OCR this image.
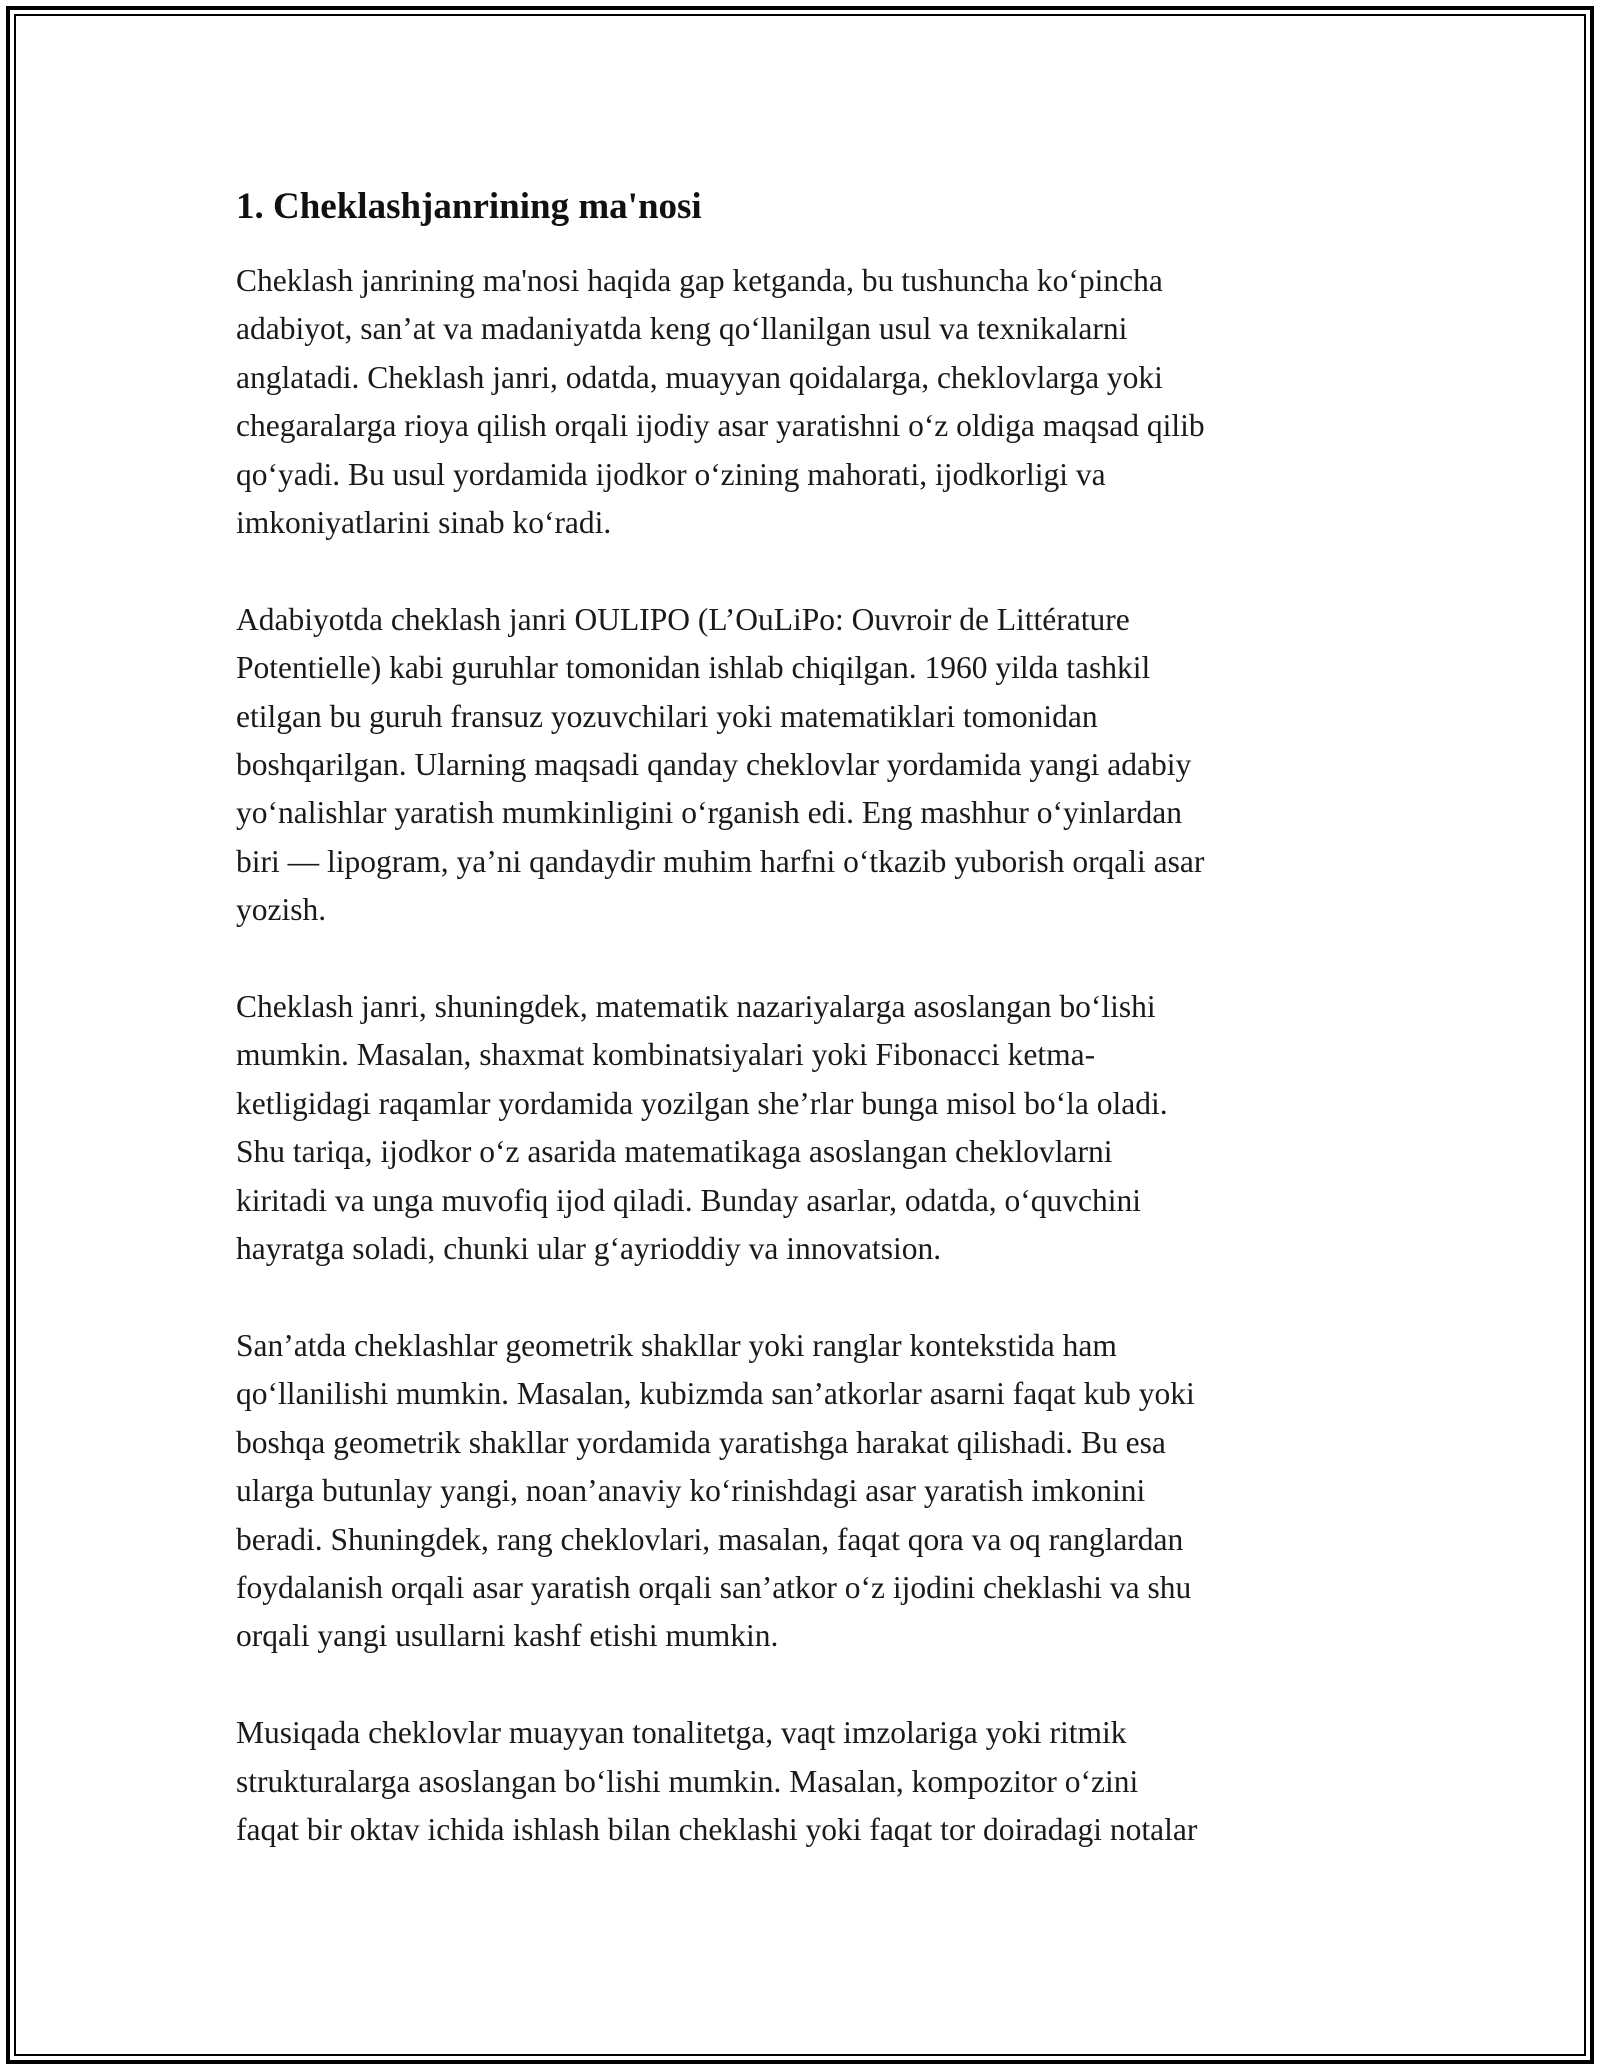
1. Cheklashjanrining ma'nosi

Cheklash janrining ma'nosi haqida gap ketganda, bu tushuncha koʻpincha
adabiyot, san’at va madaniyatda keng qoʻllanilgan usul va texnikalarni
anglatadi. Cheklash janri, odatda, muayyan qoidalarga, cheklovlarga yoki
chegaralarga rioya qilish orqali ijodiy asar yaratishni oʻz oldiga maqsad qilib
qoʻyadi. Bu usul yordamida ijodkor oʻzining mahorati, ijodkorligi va
imkoniyatlarini sinab koʻradi.

Adabiyotda cheklash janri OULIPO (L’OuLiPo: Ouvroir de Littérature
Potentielle) kabi guruhlar tomonidan ishlab chiqilgan. 1960 yilda tashkil
etilgan bu guruh fransuz yozuvchilari yoki matematiklari tomonidan
boshqarilgan. Ularning maqsadi qanday cheklovlar yordamida yangi adabiy
yoʻnalishlar yaratish mumkinligini oʻrganish edi. Eng mashhur oʻyinlardan
biri — lipogram, ya’ni qandaydir muhim harfni oʻtkazib yuborish orqali asar
yozish.

Cheklash janri, shuningdek, matematik nazariyalarga asoslangan boʻlishi
mumkin. Masalan, shaxmat kombinatsiyalari yoki Fibonacci ketma-
ketligidagi raqamlar yordamida yozilgan she’rlar bunga misol boʻla oladi.
Shu tariqa, ijodkor oʻz asarida matematikaga asoslangan cheklovlarni
kiritadi va unga muvofiq ijod qiladi. Bunday asarlar, odatda, oʻquvchini
hayratga soladi, chunki ular gʻayrioddiy va innovatsion.

San’atda cheklashlar geometrik shakllar yoki ranglar kontekstida ham
qoʻllanilishi mumkin. Masalan, kubizmda san’atkorlar asarni faqat kub yoki
boshqa geometrik shakllar yordamida yaratishga harakat qilishadi. Bu esa
ularga butunlay yangi, noan’anaviy koʻrinishdagi asar yaratish imkonini
beradi. Shuningdek, rang cheklovlari, masalan, faqat qora va oq ranglardan
foydalanish orqali asar yaratish orqali san’atkor oʻz ijodini cheklashi va shu
orqali yangi usullarni kashf etishi mumkin.

Musiqada cheklovlar muayyan tonalitetga, vaqt imzolariga yoki ritmik
strukturalarga asoslangan boʻlishi mumkin. Masalan, kompozitor oʻzini
faqat bir oktav ichida ishlash bilan cheklashi yoki faqat tor doiradagi notalar
